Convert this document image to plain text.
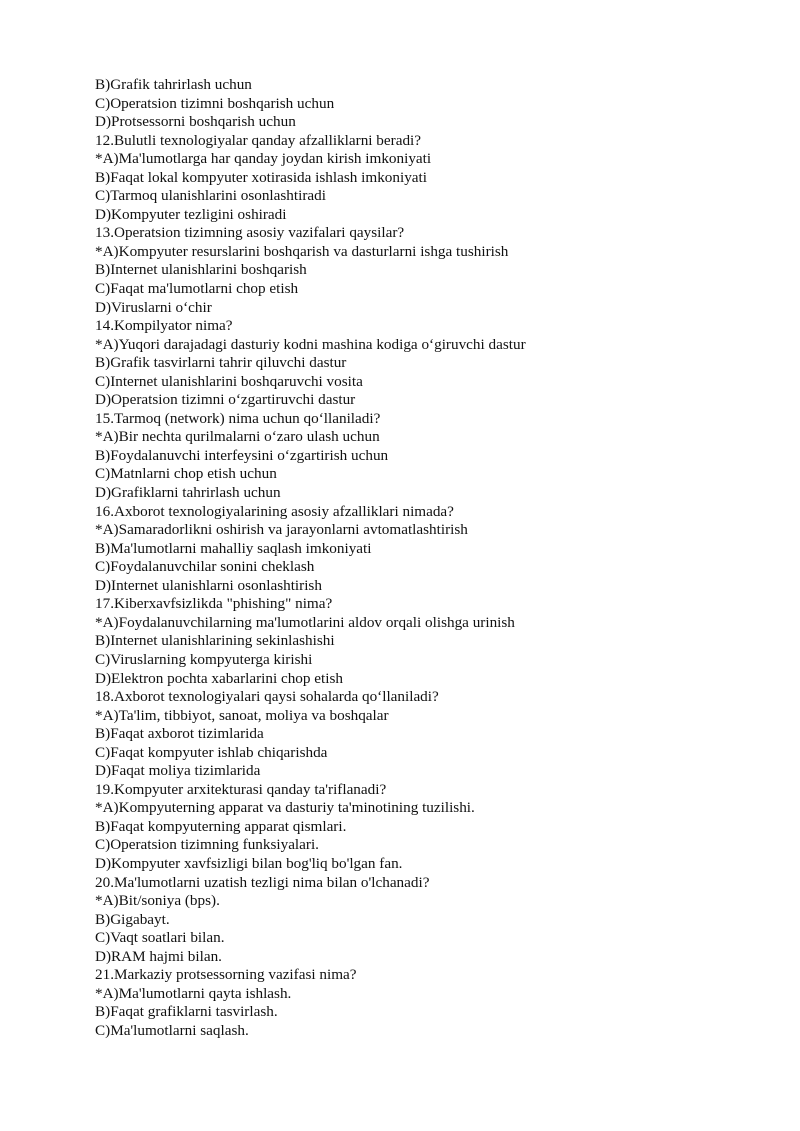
B)Grafik tahrirlash uchun
C)Operatsion tizimni boshqarish uchun
D)Protsessorni boshqarish uchun
12.Bulutli texnologiyalar qanday afzalliklarni beradi?
*A)Ma'lumotlarga har qanday joydan kirish imkoniyati
B)Faqat lokal kompyuter xotirasida ishlash imkoniyati
C)Tarmoq ulanishlarini osonlashtiradi
D)Kompyuter tezligini oshiradi
13.Operatsion tizimning asosiy vazifalari qaysilar?
*A)Kompyuter resurslarini boshqarish va dasturlarni ishga tushirish
B)Internet ulanishlarini boshqarish
C)Faqat ma'lumotlarni chop etish
D)Viruslarni o‘chir
14.Kompilyator nima?
*A)Yuqori darajadagi dasturiy kodni mashina kodiga o‘giruvchi dastur
B)Grafik tasvirlarni tahrir qiluvchi dastur
C)Internet ulanishlarini boshqaruvchi vosita
D)Operatsion tizimni o‘zgartiruvchi dastur
15.Tarmoq (network) nima uchun qo‘llaniladi?
*A)Bir nechta qurilmalarni o‘zaro ulash uchun
B)Foydalanuvchi interfeysini o‘zgartirish uchun
C)Matnlarni chop etish uchun
D)Grafiklarni tahrirlash uchun
16.Axborot texnologiyalarining asosiy afzalliklari nimada?
*A)Samaradorlikni oshirish va jarayonlarni avtomatlashtirish
B)Ma'lumotlarni mahalliy saqlash imkoniyati
C)Foydalanuvchilar sonini cheklash
D)Internet ulanishlarni osonlashtirish
17.Kiberxavfsizlikda "phishing" nima?
*A)Foydalanuvchilarning ma'lumotlarini aldov orqali olishga urinish
B)Internet ulanishlarining sekinlashishi
C)Viruslarning kompyuterga kirishi
D)Elektron pochta xabarlarini chop etish
18.Axborot texnologiyalari qaysi sohalarda qo‘llaniladi?
*A)Ta'lim, tibbiyot, sanoat, moliya va boshqalar
B)Faqat axborot tizimlarida
C)Faqat kompyuter ishlab chiqarishda
D)Faqat moliya tizimlarida
19.Kompyuter arxitekturasi qanday ta'riflanadi?
*A)Kompyuterning apparat va dasturiy ta'minotining tuzilishi.
B)Faqat kompyuterning apparat qismlari.
C)Operatsion tizimning funksiyalari.
D)Kompyuter xavfsizligi bilan bog'liq bo'lgan fan.
20.Ma'lumotlarni uzatish tezligi nima bilan o'lchanadi?
*A)Bit/soniya (bps).
B)Gigabayt.
C)Vaqt soatlari bilan.
D)RAM hajmi bilan.
21.Markaziy protsessorning vazifasi nima?
*A)Ma'lumotlarni qayta ishlash.
B)Faqat grafiklarni tasvirlash.
C)Ma'lumotlarni saqlash.
